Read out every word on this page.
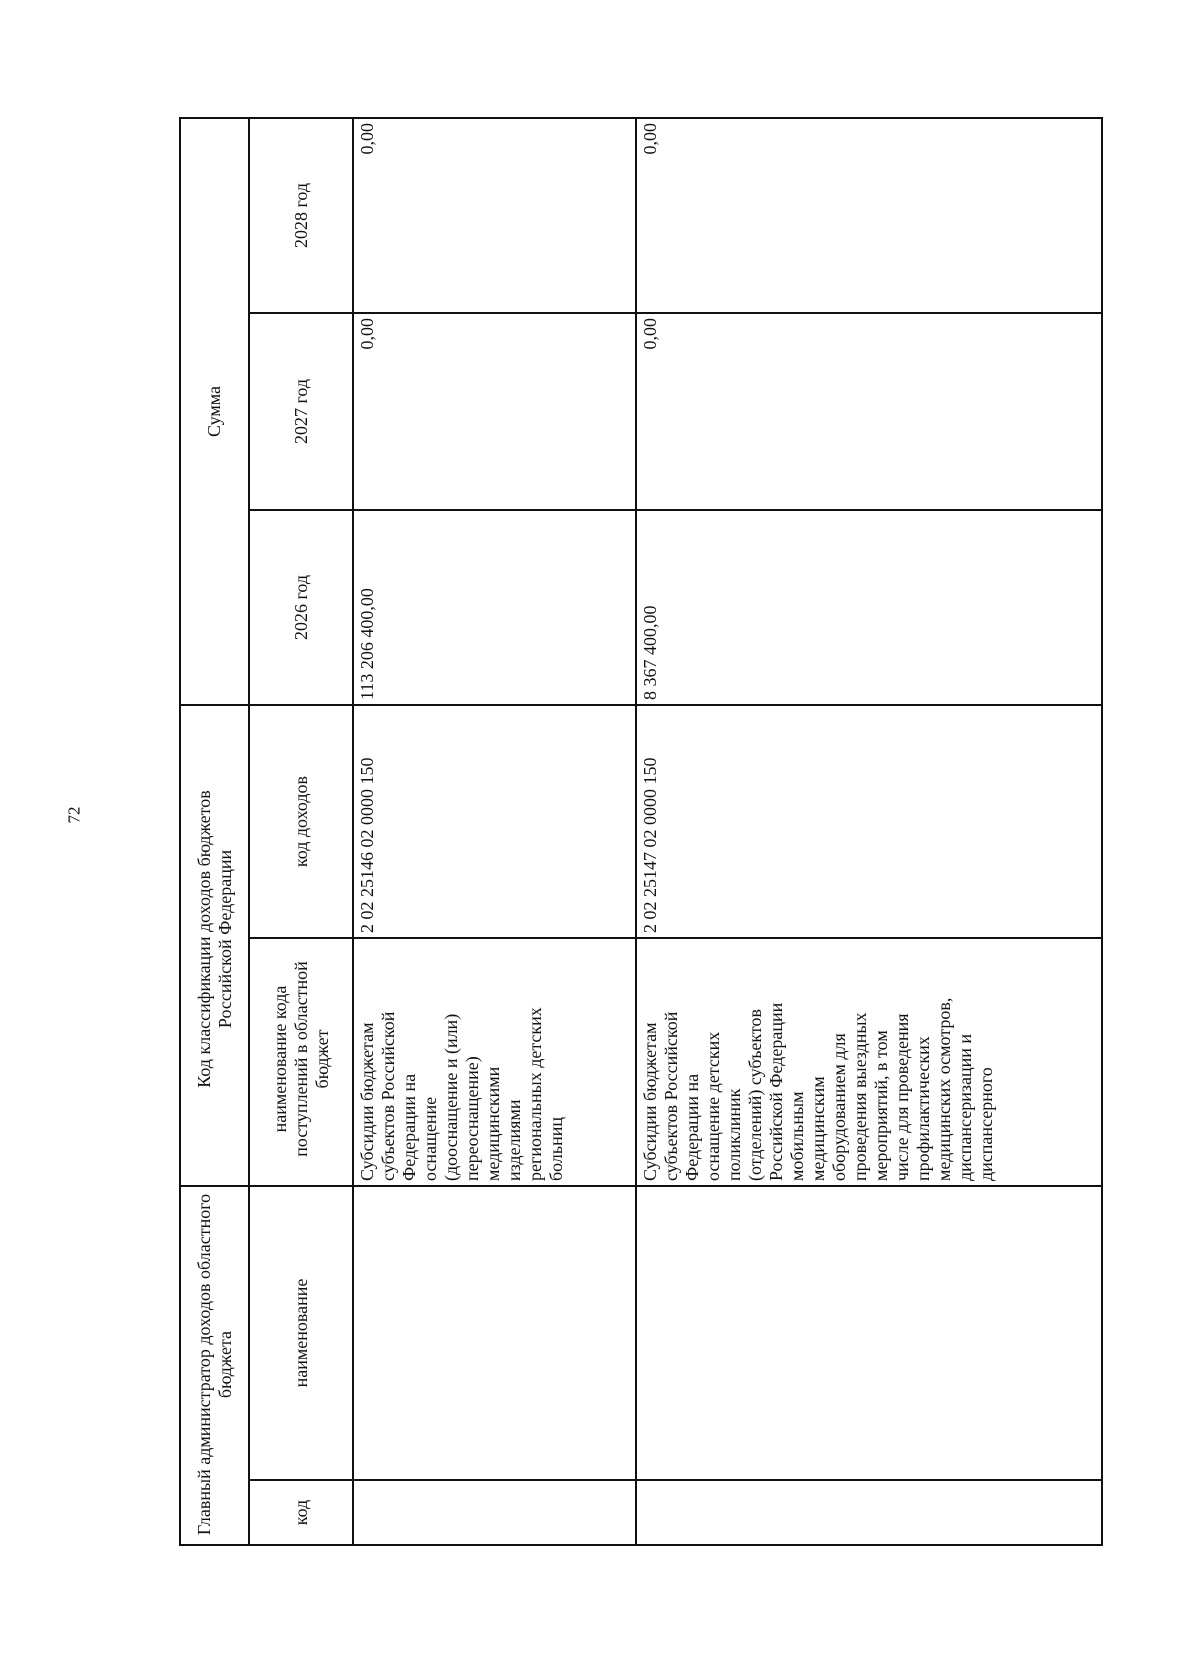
72
Главный администратор доходов областного бюджета
код
наименование
Код классификации доходов бюджетов Российской Федерации
наименование кода поступлений в областной бюджет
код доходов
Сумма
2026 год
2027 год
2028 год
Субсидии бюджетам
субъектов Российской
Федерации на
оснащение
(дооснащение и (или)
переоснащение)
медицинскими
изделиями
региональных детских
больниц
2 02 25146 02 0000 150
113 206 400,00
0,00
0,00
Субсидии бюджетам
субъектов Российской
Федерации на
оснащение детских
поликлиник
(отделений) субъектов
Российской Федерации
мобильным
медицинским
оборудованием для
проведения выездных
мероприятий, в том
числе для проведения
профилактических
медицинских осмотров,
диспансеризации и
диспансерного
2 02 25147 02 0000 150
8 367 400,00
0,00
0,00
